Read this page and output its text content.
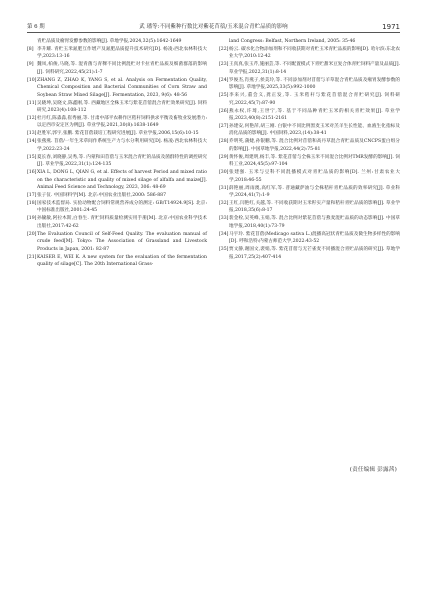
第 6 期	武 璠等:不同紫种行数比对紫花苜蓿/玉米混合青贮品质的影响	1971
青贮品质及瘤胃发酵参数的影响[J]. 草地学报,2024,32(5):1642-1649
[8] 李升耀. 青贮玉米氮肥互作增产及氮肥品质提升技术研究[D]. 杨凌:西北农林科技大学,2023:13-16
[9] 魏凤,柏俊,马晓,等. 混青菌与青稞不同比例混贮对卡拉青贮品质及细菌群落的影响[J]. 饲料研究,2022,45(21):1-7
[10] ZHANG Z, ZHAO K, YANG S, et al. Analysis on Fermentation Quality, Chemical Composition and Bacterial Communities of Corn Straw and Soybean Straw Mixed Silage[J]. Fermentation, 2023, 9(6): 48-56
[11] 吴晓坤,吴晓文,陈鑫刚,等. 西藏地区全株玉米与紫花苜蓿混合青贮效果研究[J]. 饲料研究,2023(4):108-112
[12] 杜月红,陈淼淼,崔秀丽,等. 甘肃中部平农耕作区秸秆饲料供求平衡及畜牧业发展潜力:以定西市安定区为例[J]. 草业学报,2021,30(8):1638-1649
[13] 赵胜军,郭宇,张鹏. 紫花苜蓿栽培工程研究进展[J]. 草业学报,2006,15(6):10-15
[14] 张燕燕. 苜蓿/一年生禾草间作系统生产力与水分利用研究[D]. 杨凌:西北农林科技大学,2022:23-24
[15] 夏长春,刘晓静,吴秀,等. 内蒙和田苜蓿与玉米混合青贮的品质及菌群特性的调控研究[J]. 草业学报,2022,31(1):124-135
[16] XIA L, DONG L, QIAN G, et al. Effects of harvest Period and mixed ratio on the characteristic and quality of mixed silage of alfalfa and maize[J]. Animal Feed Science and Technology, 2023, 306: 48-69
[17] 张子仪. 中国饲料学[M]. 北京:中国农业出版社,2000: 586-887
[18] 国家技术监督局. 实验动物配合饲料常规营养成分的测定: GB/T14924.9[S]. 北京:中国标准出版社,2001:24-45
[19] 孙毓敏,阿拉木斯,白春生. 青贮饲料质量检测实用手册[M]. 北京:中国农业科学技术出版社,2017:42-62
[20] The Evaluation Council of Self-Feed Quality. The evaluation manual of crude feed[M]. Tokyo: The Association of Grassland and Livestock Products in Japan, 2001: 82-87
[21] KAISER E, WEI K. A new system for the evaluation of the fermentation quality of silage[C]. The 20th International Grass-
land Congress: Belfast, Northern Ireland, 2005: 35-46
[22] 杨云. 碳水化合物添加剂和不同收获期对青贮玉米青贮品质的影响[D]. 哈尔滨:东北农业大学,2010:12-42
[23] 王真真,张玉芹,施丽芸,等. 不同配置模式下青贮甜米豆复合体青贮饲料产量及品质[J]. 草业学报,2022,31(1):8-14
[24] 罗俊杰,肖燕子,侯美玲,等. 不同添加剂对苜蓿与羊草混合青贮品质及瘤胃发酵参数的影响[J]. 草地学报,2025,33(5):992-1000
[25] 李来兴,董会义,龚正发,等. 玉米秸秆与紫花苜蓿混合青贮研究[J]. 饲料研究,2022,45(7):87-90
[26] 燕永权,许琦,王世宁,等. 基于不同品种青贮玉米的相关青贮效果[J]. 草业学报,2023,40(8):2151-2161
[27] 孙建安,何艳萍,胡三刚. 白银中不同比例黑麦玉米对羔羊生长性能、血液生化指标及消化品质的影响[J]. 中国饲料,2023,(14):38-41
[28] 乔明英,蒲婕,孙银鹏,等. 混合比例对苜蓿和高丹草混合青贮品质及CNCPS蛋白组分的影响[J]. 中国草地学报,2022,44(2):75-81
[29] 黄怀俊,周建明,杨丰,等. 紫花苜蓿与全株玉米不同混合比例对TMR发酵的影响[J]. 饲料工业,2024,45(5):97-104
[30] 张建强. 玉米与豆科不同混播模式对青贮品质的影响[D]. 兰州:甘肃农业大学,2018:46-55
[31] 薛艳丽,周雨澳,高红军,等. 普通藏萨油与全株秸秆青贮品质的效率研究[J]. 草业科学,2024,41(7):1-9
[32] 王红,闫艳红,关越,等. 不同收获期对玉米籽实产量和秸秆青贮品质的影响[J]. 草业学报,2018,35(6):8-17
[33] 裴金栓,吴英峰,玉娟,等. 混合比例对紫花苜蓿与燕麦混贮品质的动态影响[J]. 中国草地学报,2018,40(1):73-79
[34] 马宇玲. 紫花苜蓿(Medicago sativa L.)混播高冠状青贮品质及微生物多样性的影响[D]. 呼和浩特:内蒙古师范大学,2022:43-52
[35] 贾文静,谢国文,裴娟,等. 紫花苜蓿与无芒雀麦不同播混合青贮品质的研究[J]. 草地学报,2017,25(2):407-414
(责任编辑 彭露茜)
